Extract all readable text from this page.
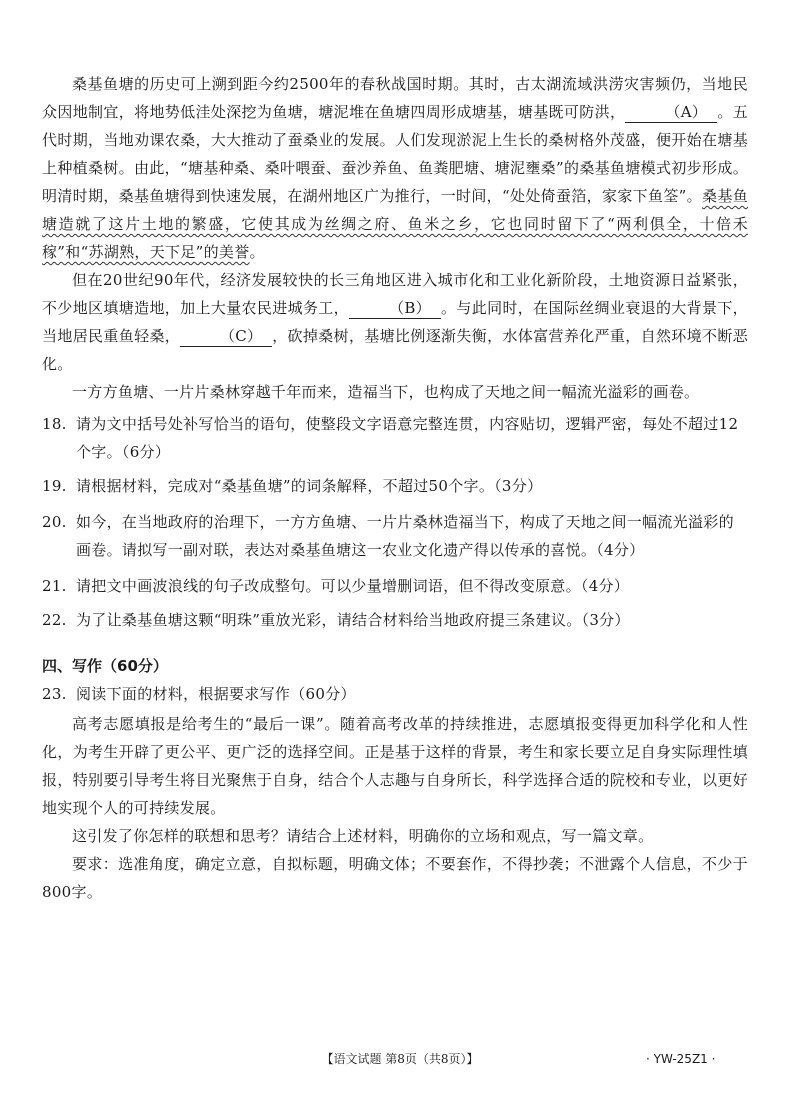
桑基鱼塘的历史可上溯到距今约2500年的春秋战国时期。其时，古太湖流域洪涝灾害频仍，当地民众因地制宜，将地势低洼处深挖为鱼塘，塘泥堆在鱼塘四周形成塘基，塘基既可防洪，	（A） 。五代时期，当地劝课农桑，大大推动了蚕桑业的发展。人们发现淤泥上生长的桑树格外茂盛，便开始在塘基上种植桑树。由此，“塘基种桑、桑叶喂蚕、蚕沙养鱼、鱼粪肥塘、塘泥壅桑”的桑基鱼塘模式初步形成。明清时期，桑基鱼塘得到快速发展，在湖州地区广为推行，一时间，“处处倚蚕箔，家家下鱼筌”。桑基鱼塘造就了这片土地的繁盛，它使其成为丝绸之府、鱼米之乡，它也同时留下了“两利俱全，十倍禾稼”和“苏湖熟，天下足”的美誉。

但在20世纪90年代，经济发展较快的长三角地区进入城市化和工业化新阶段，土地资源日益紧张，不少地区填塘造地，加上大量农民进城务工，	（B） 。与此同时，在国际丝绸业衰退的大背景下，当地居民重鱼轻桑，	（C） ，砍掉桑树，基塘比例逐渐失衡，水体富营养化严重，自然环境不断恶化。

一方方鱼塘、一片片桑林穿越千年而来，造福当下，也构成了天地之间一幅流光溢彩的画卷。

18. 请为文中括号处补写恰当的语句，使整段文字语意完整连贯，内容贴切，逻辑严密，每处不超过12个字。（6分）
19. 请根据材料，完成对“桑基鱼塘”的词条解释，不超过50个字。（3分）
20. 如今，在当地政府的治理下，一方方鱼塘、一片片桑林造福当下，构成了天地之间一幅流光溢彩的画卷。请拟写一副对联，表达对桑基鱼塘这一农业文化遗产得以传承的喜悦。（4分）
21. 请把文中画波浪线的句子改成整句。可以少量增删词语，但不得改变原意。（4分）
22. 为了让桑基鱼塘这颗“明珠”重放光彩，请结合材料给当地政府提三条建议。（3分）

四、写作（60分）

23. 阅读下面的材料，根据要求写作（60分）

高考志愿填报是给考生的“最后一课”。随着高考改革的持续推进，志愿填报变得更加科学化和人性化，为考生开辟了更公平、更广泛的选择空间。正是基于这样的背景，考生和家长要立足自身实际理性填报，特别要引导考生将目光聚焦于自身，结合个人志趣与自身所长，科学选择合适的院校和专业，以更好地实现个人的可持续发展。

这引发了你怎样的联想和思考？请结合上述材料，明确你的立场和观点，写一篇文章。

要求：选准角度，确定立意，自拟标题，明确文体；不要套作，不得抄袭；不泄露个人信息，不少于800字。

【语文试题 第8页（共8页）】	· YW-25Z1 ·
